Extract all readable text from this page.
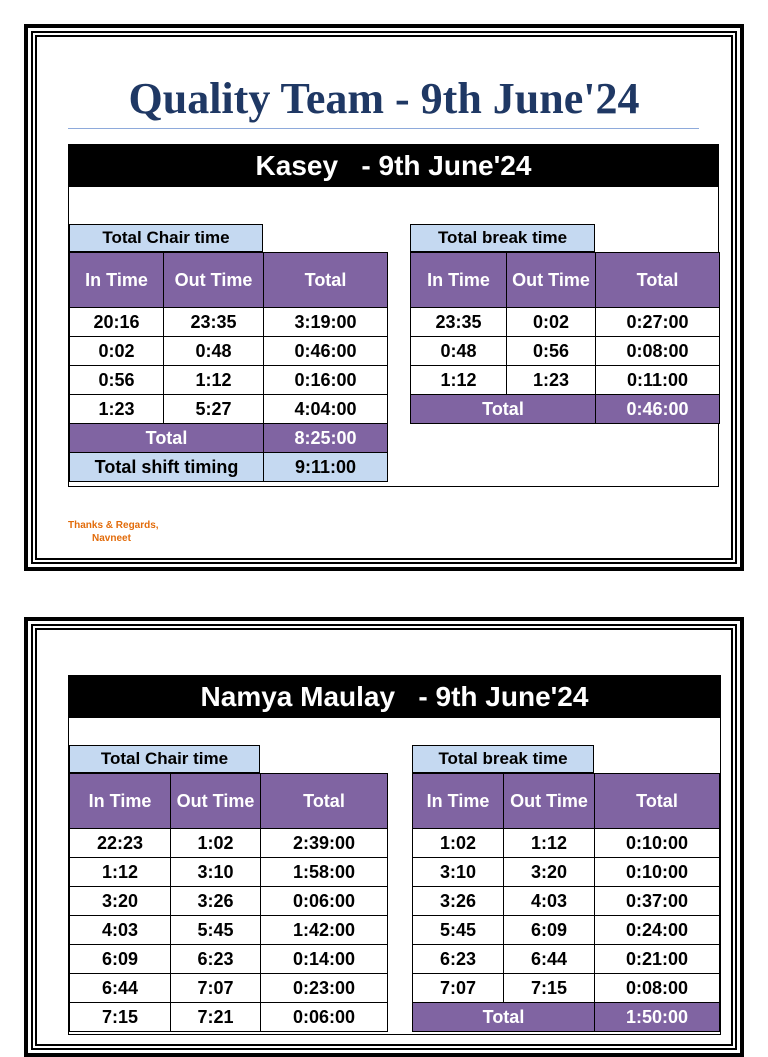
Quality Team - 9th June'24
Kasey   - 9th June'24
Total Chair time
In Time	Out Time	Total
20:16	23:35	3:19:00
0:02	0:48	0:46:00
0:56	1:12	0:16:00
1:23	5:27	4:04:00
Total		8:25:00
Total shift timing		9:11:00
Total break time
In Time	Out Time	Total
23:35	0:02	0:27:00
0:48	0:56	0:08:00
1:12	1:23	0:11:00
Total		0:46:00
Thanks & Regards,
Navneet
Namya Maulay   - 9th June'24
Total Chair time
In Time	Out Time	Total
22:23	1:02	2:39:00
1:12	3:10	1:58:00
3:20	3:26	0:06:00
4:03	5:45	1:42:00
6:09	6:23	0:14:00
6:44	7:07	0:23:00
7:15	7:21	0:06:00
Total break time
In Time	Out Time	Total
1:02	1:12	0:10:00
3:10	3:20	0:10:00
3:26	4:03	0:37:00
5:45	6:09	0:24:00
6:23	6:44	0:21:00
7:07	7:15	0:08:00
Total		1:50:00
